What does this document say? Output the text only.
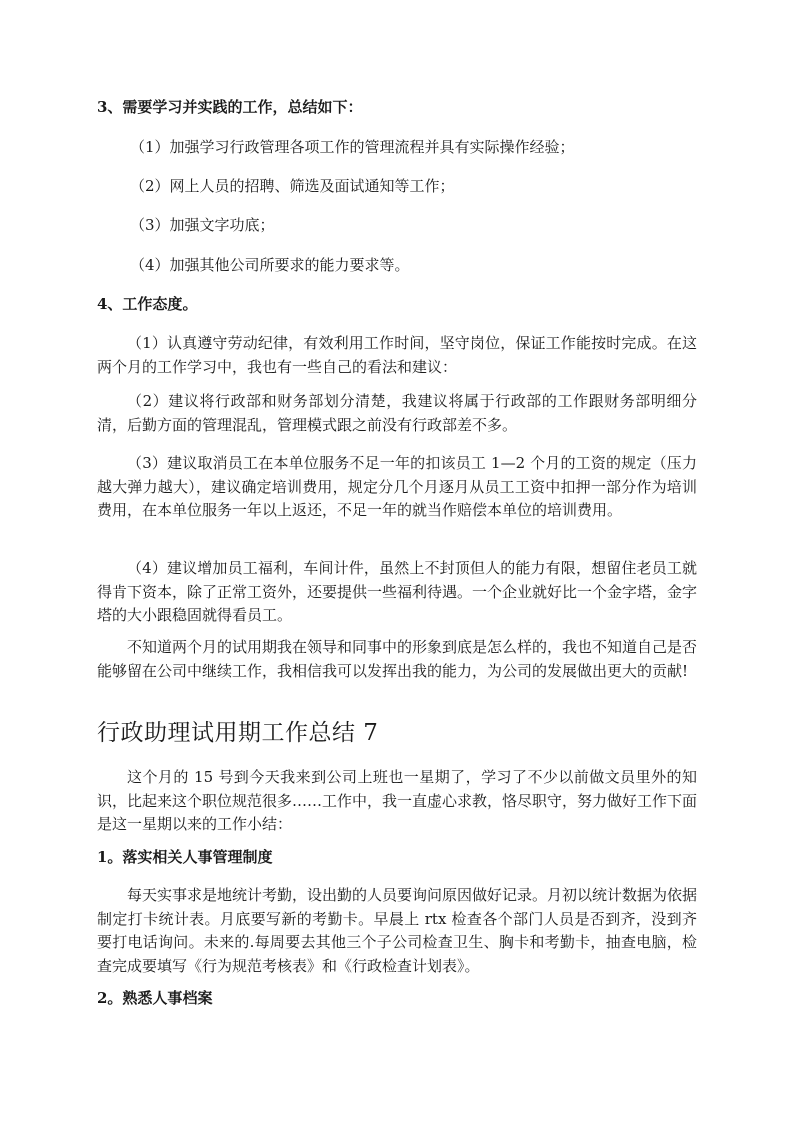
3、需要学习并实践的工作，总结如下：

（1）加强学习行政管理各项工作的管理流程并具有实际操作经验；

（2）网上人员的招聘、筛选及面试通知等工作；

（3）加强文字功底；

（4）加强其他公司所要求的能力要求等。

4、工作态度。

（1）认真遵守劳动纪律，有效利用工作时间，坚守岗位，保证工作能按时完成。在这两个月的工作学习中，我也有一些自己的看法和建议：

（2）建议将行政部和财务部划分清楚，我建议将属于行政部的工作跟财务部明细分清，后勤方面的管理混乱，管理模式跟之前没有行政部差不多。

（3）建议取消员工在本单位服务不足一年的扣该员工 1—2 个月的工资的规定（压力越大弹力越大），建议确定培训费用，规定分几个月逐月从员工工资中扣押一部分作为培训费用，在本单位服务一年以上返还，不足一年的就当作赔偿本单位的培训费用。

（4）建议增加员工福利，车间计件，虽然上不封顶但人的能力有限，想留住老员工就得肯下资本，除了正常工资外，还要提供一些福利待遇。一个企业就好比一个金字塔，金字塔的大小跟稳固就得看员工。

不知道两个月的试用期我在领导和同事中的形象到底是怎么样的，我也不知道自己是否能够留在公司中继续工作，我相信我可以发挥出我的能力，为公司的发展做出更大的贡献!

行政助理试用期工作总结 7

这个月的 15 号到今天我来到公司上班也一星期了，学习了不少以前做文员里外的知识，比起来这个职位规范很多……工作中，我一直虚心求教，恪尽职守，努力做好工作下面是这一星期以来的工作小结：

1。落实相关人事管理制度

每天实事求是地统计考勤，设出勤的人员要询问原因做好记录。月初以统计数据为依据制定打卡统计表。月底要写新的考勤卡。早晨上 rtx 检查各个部门人员是否到齐，没到齐要打电话询问。未来的.每周要去其他三个子公司检查卫生、胸卡和考勤卡，抽查电脑，检查完成要填写《行为规范考核表》和《行政检查计划表》。

2。熟悉人事档案
